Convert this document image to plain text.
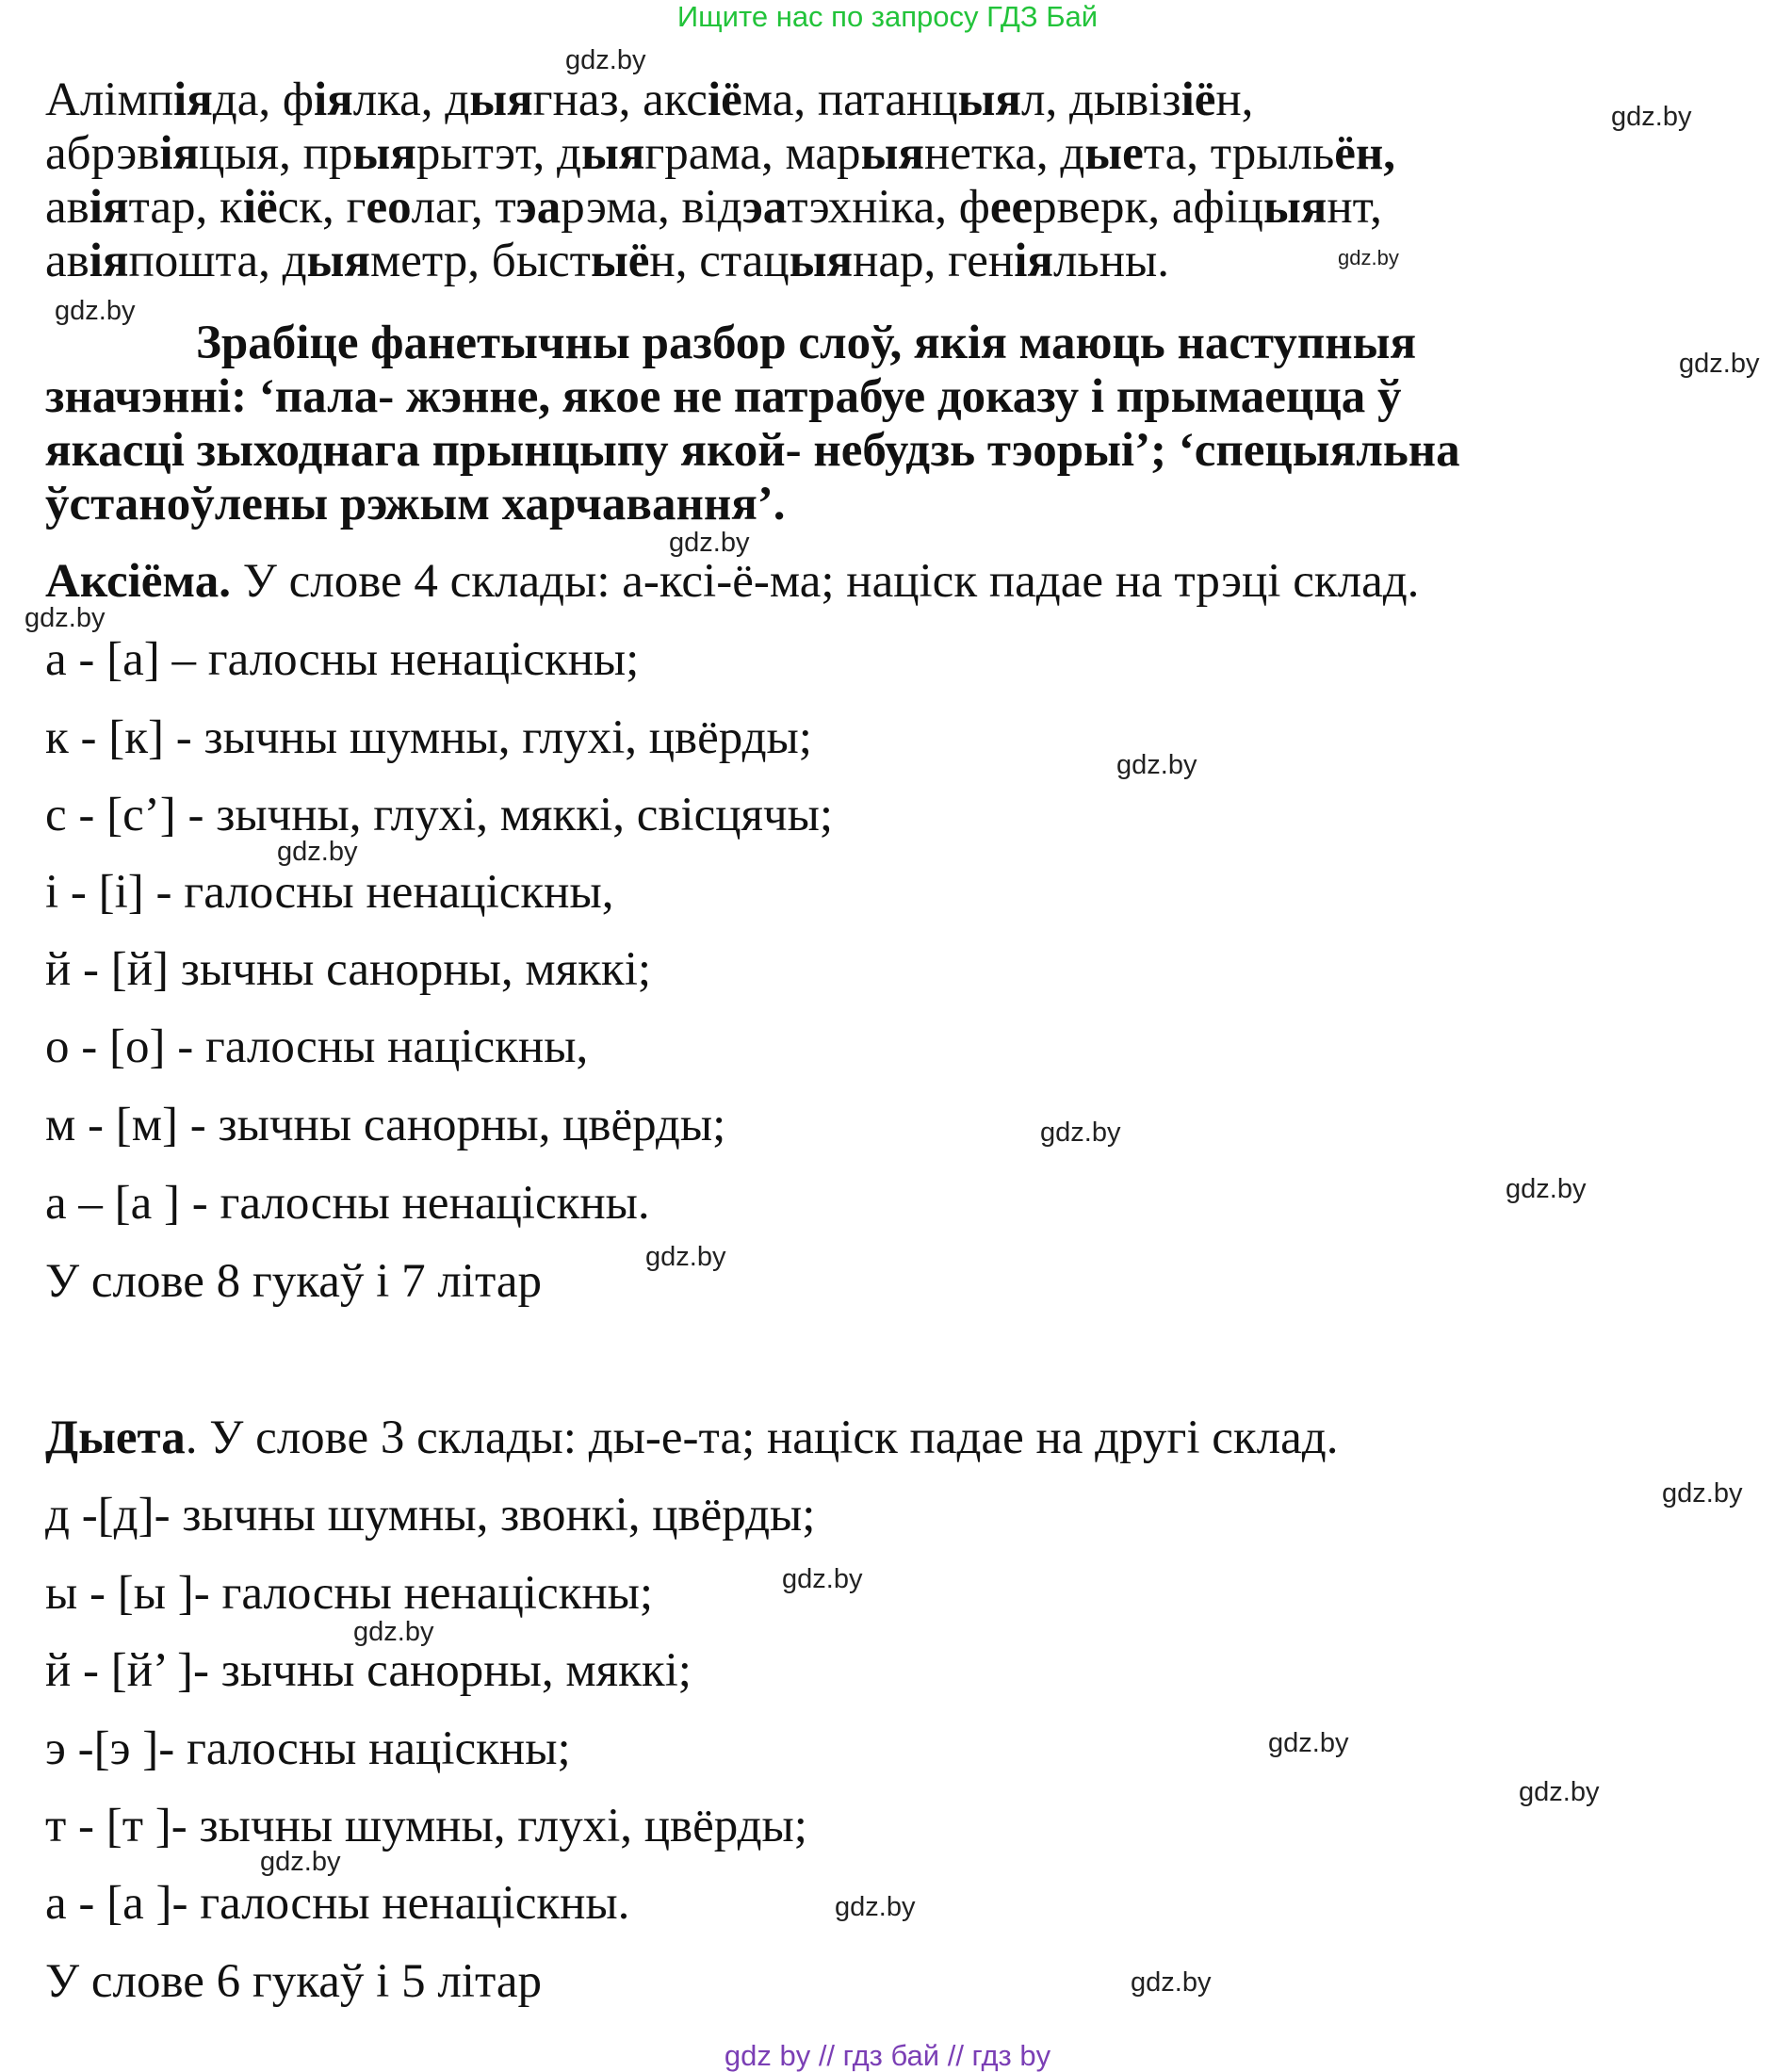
Ищите нас по запросу ГДЗ Бай
Алімпіяда, фіялка, дыягназ, аксіёма, патанцыял, дывізіён,
абрэвіяцыя, прыярытэт, дыяграма, марыянетка, дыета, трыльён,
авіятар, кіёск, геолаг, тэарэма, відэатэхніка, феерверк, афіцыянт,
авіяпошта, дыяметр, быстыён, стацыянар, геніяльны.
Зрабіце фанетычны разбор слоў, якія маюць наступныя
значэнні: ‘пала- жэнне, якое не патрабуе доказу і прымаецца ў
якасці зыходнага прынцыпу якой- небудзь тэорыі’; ‘спецыяльна
ўстаноўлены рэжым харчавання’.
Аксіёма. У слове 4 склады: а-ксі-ё-ма; націск падае на трэці склад.
а - [а] – галосны ненацiскны;
к - [к] - зычны шумны, глухі, цвёрды;
с - [с’] - зычны, глухі, мяккі, свісцячы;
і - [і] - галосны ненацiскны,
й - [й] зычны санорны, мяккі;
о - [о] - галосны націскны,
м - [м] - зычны санорны, цвёрды;
а – [а ] - галосны ненацiскны.
У слове 8 гукаў і 7 літар
Дыета. У слове 3 склады: ды-е-та; націск падае на другі склад.
д -[д]- зычны шумны, звонкі, цвёрды;
ы - [ы ]- галосны ненацiскны;
й - [й’ ]- зычны санорны, мяккі;
э -[э ]- галосны націскны;
т - [т ]- зычны шумны, глухі, цвёрды;
а - [а ]- галосны ненацiскны.
У слове 6 гукаў і 5 літар
gdz.by
gdz.by
gdz.by
gdz.by
gdz.by
gdz.by
gdz.by
gdz.by
gdz.by
gdz.by
gdz.by
gdz.by
gdz.by
gdz.by
gdz.by
gdz.by
gdz.by
gdz.by
gdz.by
gdz.by
gdz by // гдз бай // гдз by
